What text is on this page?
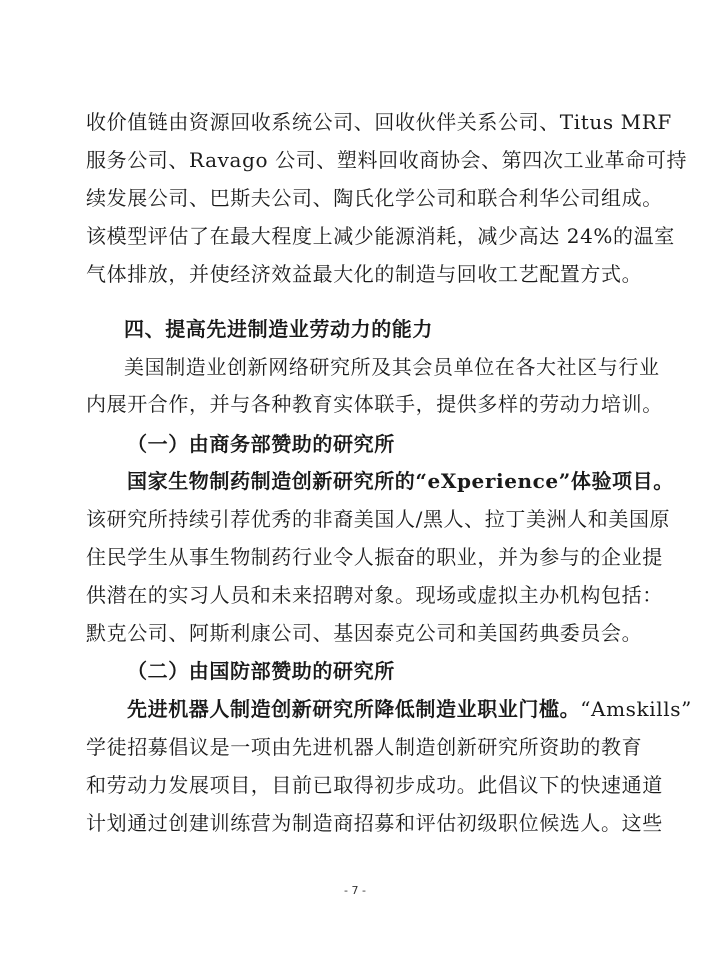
收价值链由资源回收系统公司、回收伙伴关系公司、Titus MRF
服务公司、Ravago 公司、塑料回收商协会、第四次工业革命可持
续发展公司、巴斯夫公司、陶氏化学公司和联合利华公司组成。
该模型评估了在最大程度上减少能源消耗，减少高达 24%的温室
气体排放，并使经济效益最大化的制造与回收工艺配置方式。
四、提高先进制造业劳动力的能力
美国制造业创新网络研究所及其会员单位在各大社区与行业
内展开合作，并与各种教育实体联手，提供多样的劳动力培训。
（一）由商务部赞助的研究所
国家生物制药制造创新研究所的“eXperience”体验项目。
该研究所持续引荐优秀的非裔美国人/黑人、拉丁美洲人和美国原
住民学生从事生物制药行业令人振奋的职业，并为参与的企业提
供潜在的实习人员和未来招聘对象。现场或虚拟主办机构包括：
默克公司、阿斯利康公司、基因泰克公司和美国药典委员会。
（二）由国防部赞助的研究所
先进机器人制造创新研究所降低制造业职业门槛。“Amskills”
学徒招募倡议是一项由先进机器人制造创新研究所资助的教育
和劳动力发展项目，目前已取得初步成功。此倡议下的快速通道
计划通过创建训练营为制造商招募和评估初级职位候选人。这些
- 7 -
